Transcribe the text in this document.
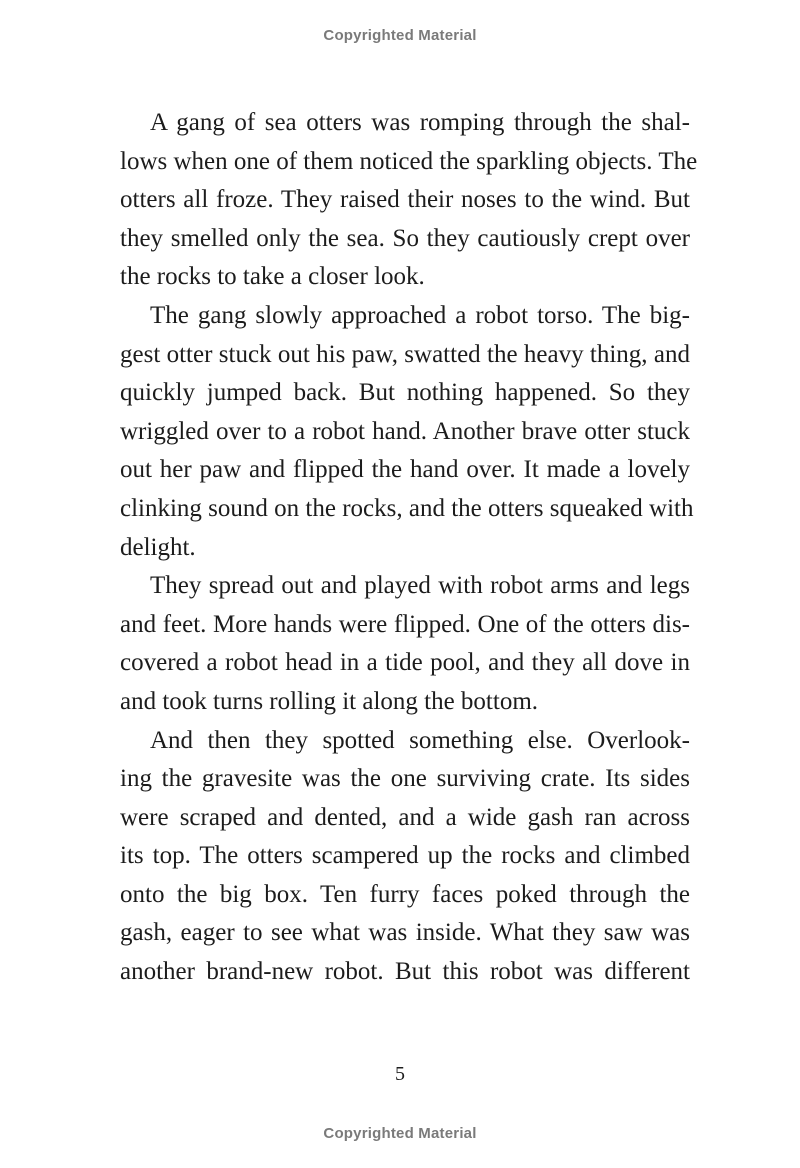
Copyrighted Material
A gang of sea otters was romping through the shal-
lows when one of them noticed the sparkling objects. The
otters all froze. They raised their noses to the wind. But
they smelled only the sea. So they cautiously crept over
the rocks to take a closer look.
The gang slowly approached a robot torso. The big-
gest otter stuck out his paw, swatted the heavy thing, and
quickly jumped back. But nothing happened. So they
wriggled over to a robot hand. Another brave otter stuck
out her paw and flipped the hand over. It made a lovely
clinking sound on the rocks, and the otters squeaked with
delight.
They spread out and played with robot arms and legs
and feet. More hands were flipped. One of the otters dis-
covered a robot head in a tide pool, and they all dove in
and took turns rolling it along the bottom.
And then they spotted something else. Overlook-
ing the gravesite was the one surviving crate. Its sides
were scraped and dented, and a wide gash ran across
its top. The otters scampered up the rocks and climbed
onto the big box. Ten furry faces poked through the
gash, eager to see what was inside. What they saw was
another brand-new robot. But this robot was different
5
Copyrighted Material
